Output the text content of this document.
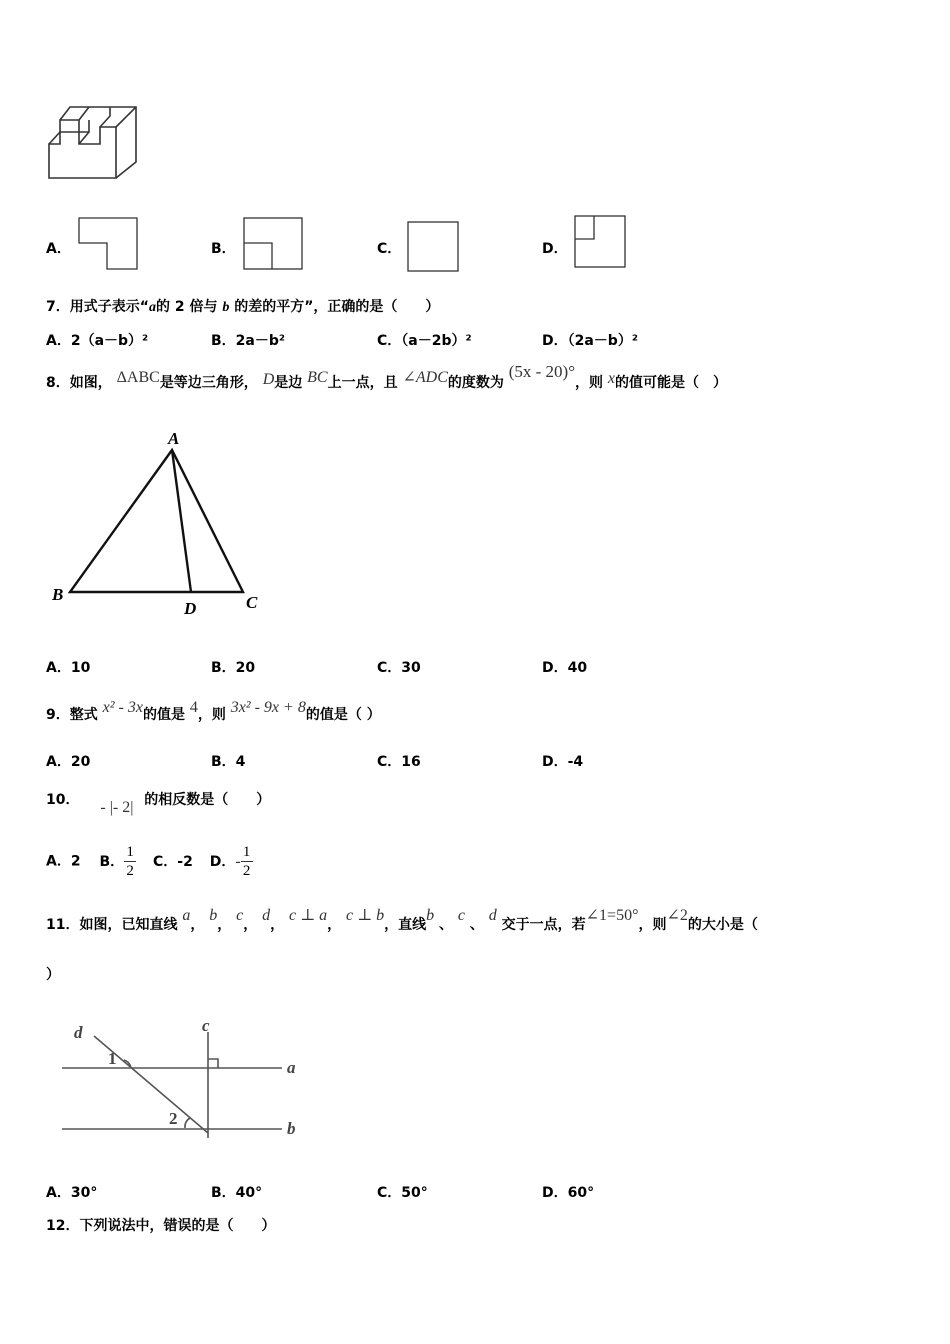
A．	B．	C．	D．
7．用式子表示“a的 2 倍与 b 的差的平方”，正确的是（　　）
A．2（a－b）²	B．2a－b²	C．（a－2b）²	D．（2a－b）²
8．如图， ΔABC是等边三角形， D是边 BC上一点，且 ∠ADC的度数为 (5x - 20)°，则 x的值可能是（　）
A
B
D	C
A．10	B．20	C．30	D．40
9．整式 x² - 3x的值是 4，则 3x² - 9x + 8的值是（ ）
A．20	B．4	C．16	D．-4
10． - |- 2| 的相反数是（　　）
A．2 B． $\frac{1}{2}$ C．-2 D．- $\frac{1}{2}$
11．如图，已知直线 a， b， c， d， c ⊥ a， c ⊥ b，直线b 、 c 、 d 交于一点，若∠1=50°，则∠2的大小是（
）
d	c
a
b
1
2
A．30°	B．40°	C．50°	D．60°
12．下列说法中，错误的是（　　）
